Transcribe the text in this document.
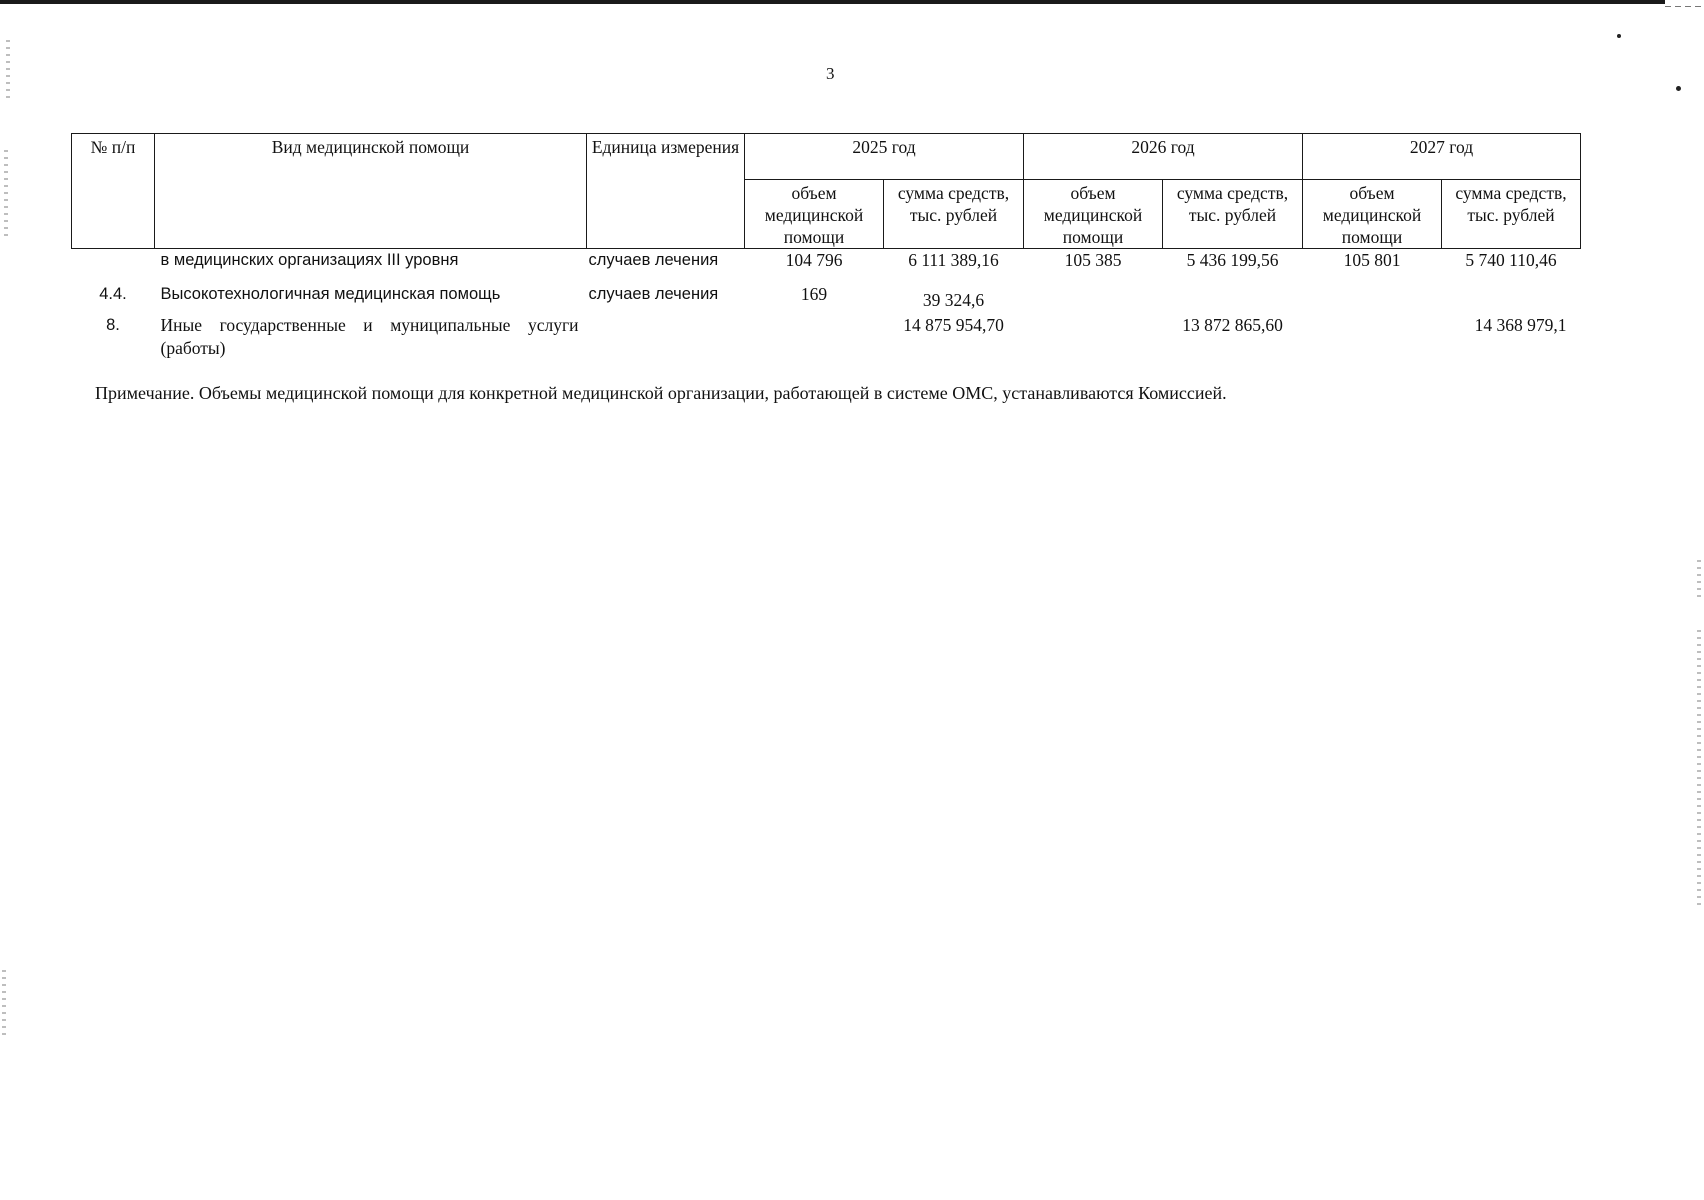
3
№ п/п	Вид медицинской помощи	Единица измерения	2025 год		2026 год		2027 год	
			объем медицинской помощи	сумма средств, тыс. рублей	объем медицинской помощи	сумма средств, тыс. рублей	объем медицинской помощи	сумма средств, тыс. рублей
	в медицинских организациях III уровня	случаев лечения	104 796	6 111 389,16	105 385	5 436 199,56	105 801	5 740 110,46
4.4.	Высокотехнологичная медицинская помощь	случаев лечения	169	39 324,6				
8.	Иные государственные и муниципальные услуги (работы)			14 875 954,70		13 872 865,60		14 368 979,1
Примечание. Объемы медицинской помощи для конкретной медицинской организации, работающей в системе ОМС, устанавливаются Комиссией.
